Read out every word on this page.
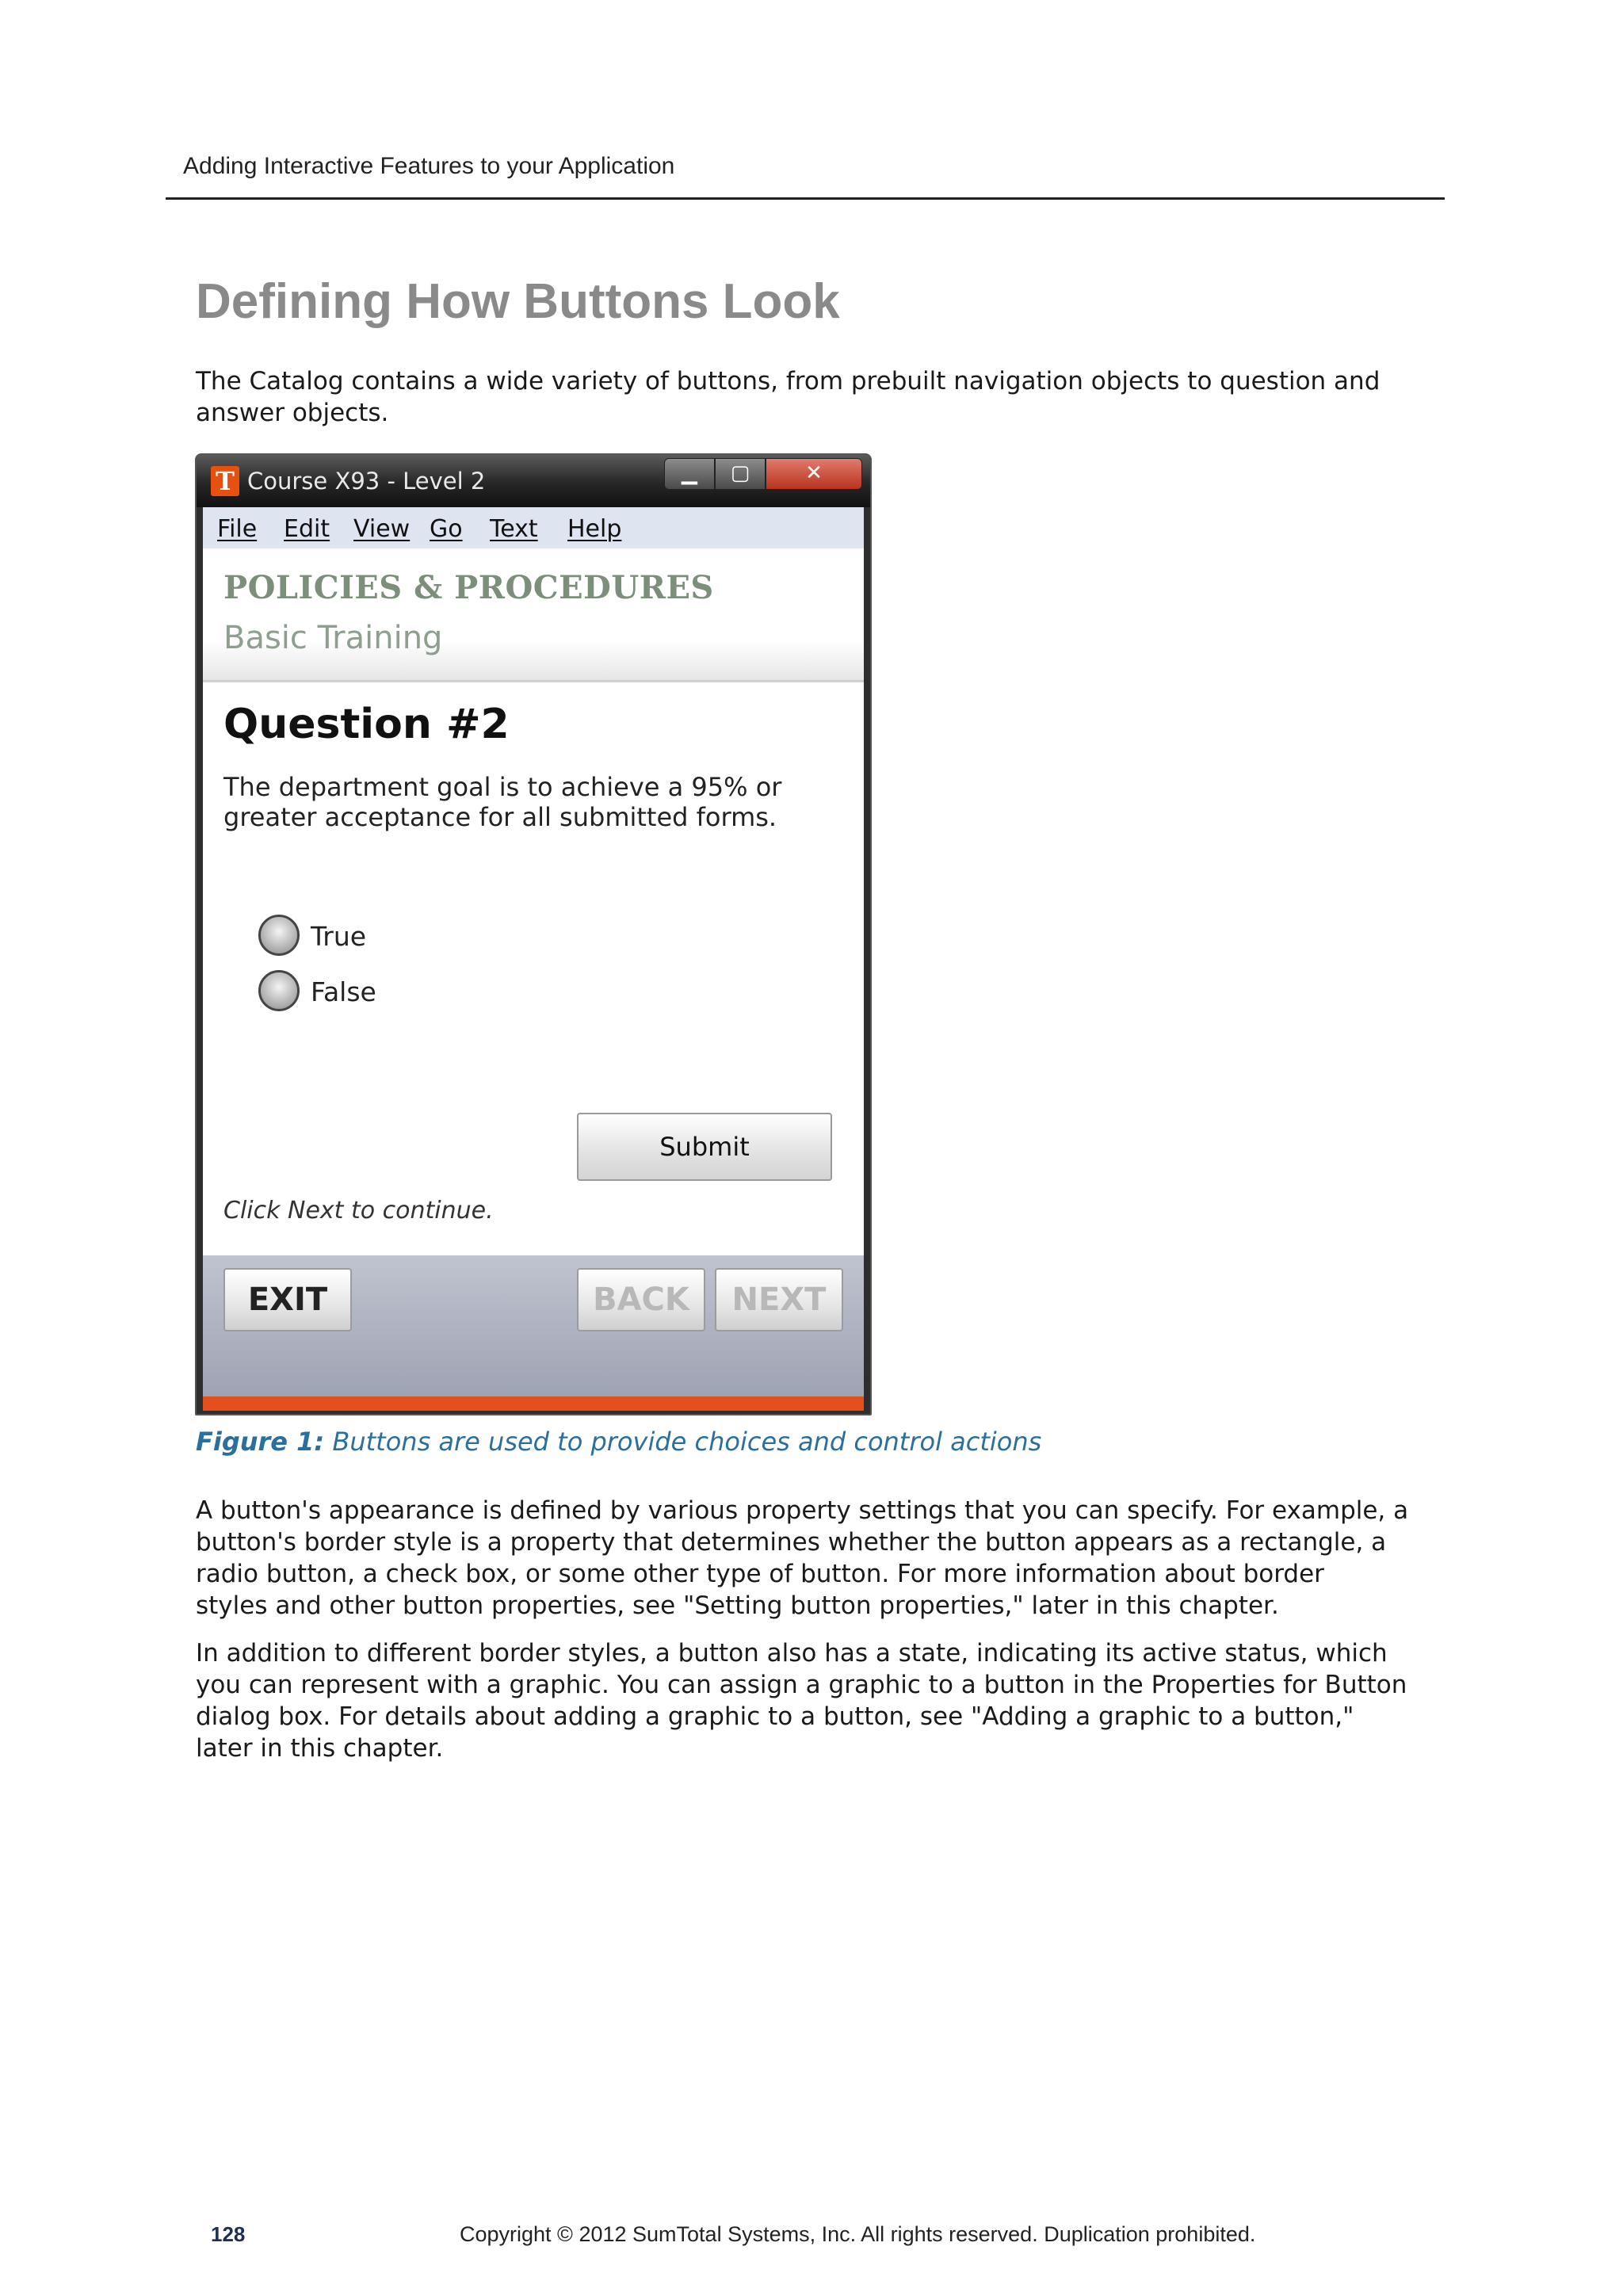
Adding Interactive Features to your Application
Defining How Buttons Look
The Catalog contains a wide variety of buttons, from prebuilt navigation objects to question and
answer objects.
T Course X93 - Level 2	▁	▢	✕
File Edit View Go Text Help
POLICIES & PROCEDURES
Basic Training
Question #2
The department goal is to achieve a 95% or
greater acceptance for all submitted forms.
True
False
Submit
Click Next to continue.
EXIT	BACK	NEXT

Figure 1: Buttons are used to provide choices and control actions

A button's appearance is defined by various property settings that you can specify. For example, a
button's border style is a property that determines whether the button appears as a rectangle, a
radio button, a check box, or some other type of button. For more information about border
styles and other button properties, see "Setting button properties," later in this chapter.
In addition to different border styles, a button also has a state, indicating its active status, which
you can represent with a graphic. You can assign a graphic to a button in the Properties for Button
dialog box. For details about adding a graphic to a button, see "Adding a graphic to a button,"
later in this chapter.
128	Copyright © 2012 SumTotal Systems, Inc. All rights reserved. Duplication prohibited.
